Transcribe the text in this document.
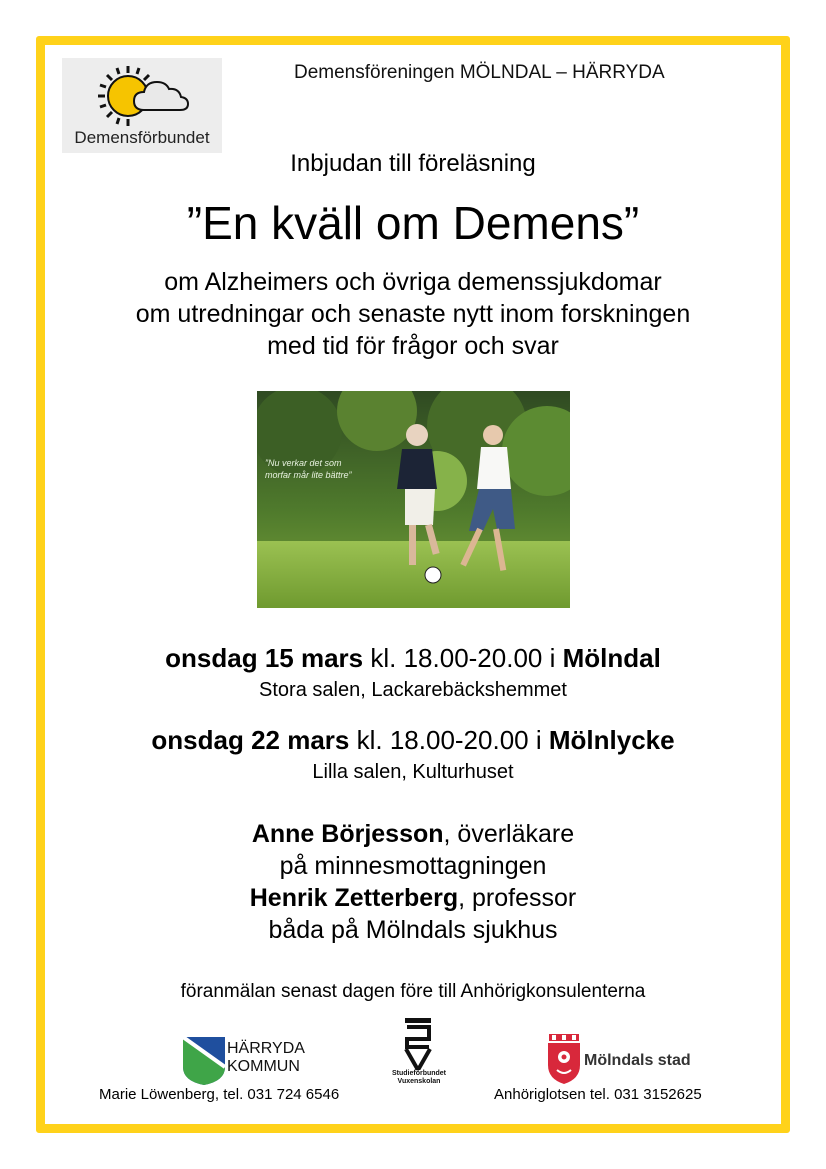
Demensförbundet
Demensföreningen MÖLNDAL – HÄRRYDA
Inbjudan till föreläsning
”En kväll om Demens”
om Alzheimers och övriga demenssjukdomar
om utredningar och senaste nytt inom forskningen
med tid för frågor och svar
”Nu verkar det som
morfar mår lite bättre”
onsdag 15 mars kl. 18.00-20.00 i Mölndal
Stora salen, Lackarebäckshemmet
onsdag 22 mars kl. 18.00-20.00 i Mölnlycke
Lilla salen, Kulturhuset
Anne Börjesson, överläkare
på minnesmottagningen
Henrik Zetterberg, professor
båda på Mölndals sjukhus
föranmälan senast dagen före till Anhörigkonsulenterna
HÄRRYDA
KOMMUN	Studieförbundet
Vuxenskolan
Mölndals stad
Marie Löwenberg, tel. 031 724 6546	Anhöriglotsen tel. 031 3152625
